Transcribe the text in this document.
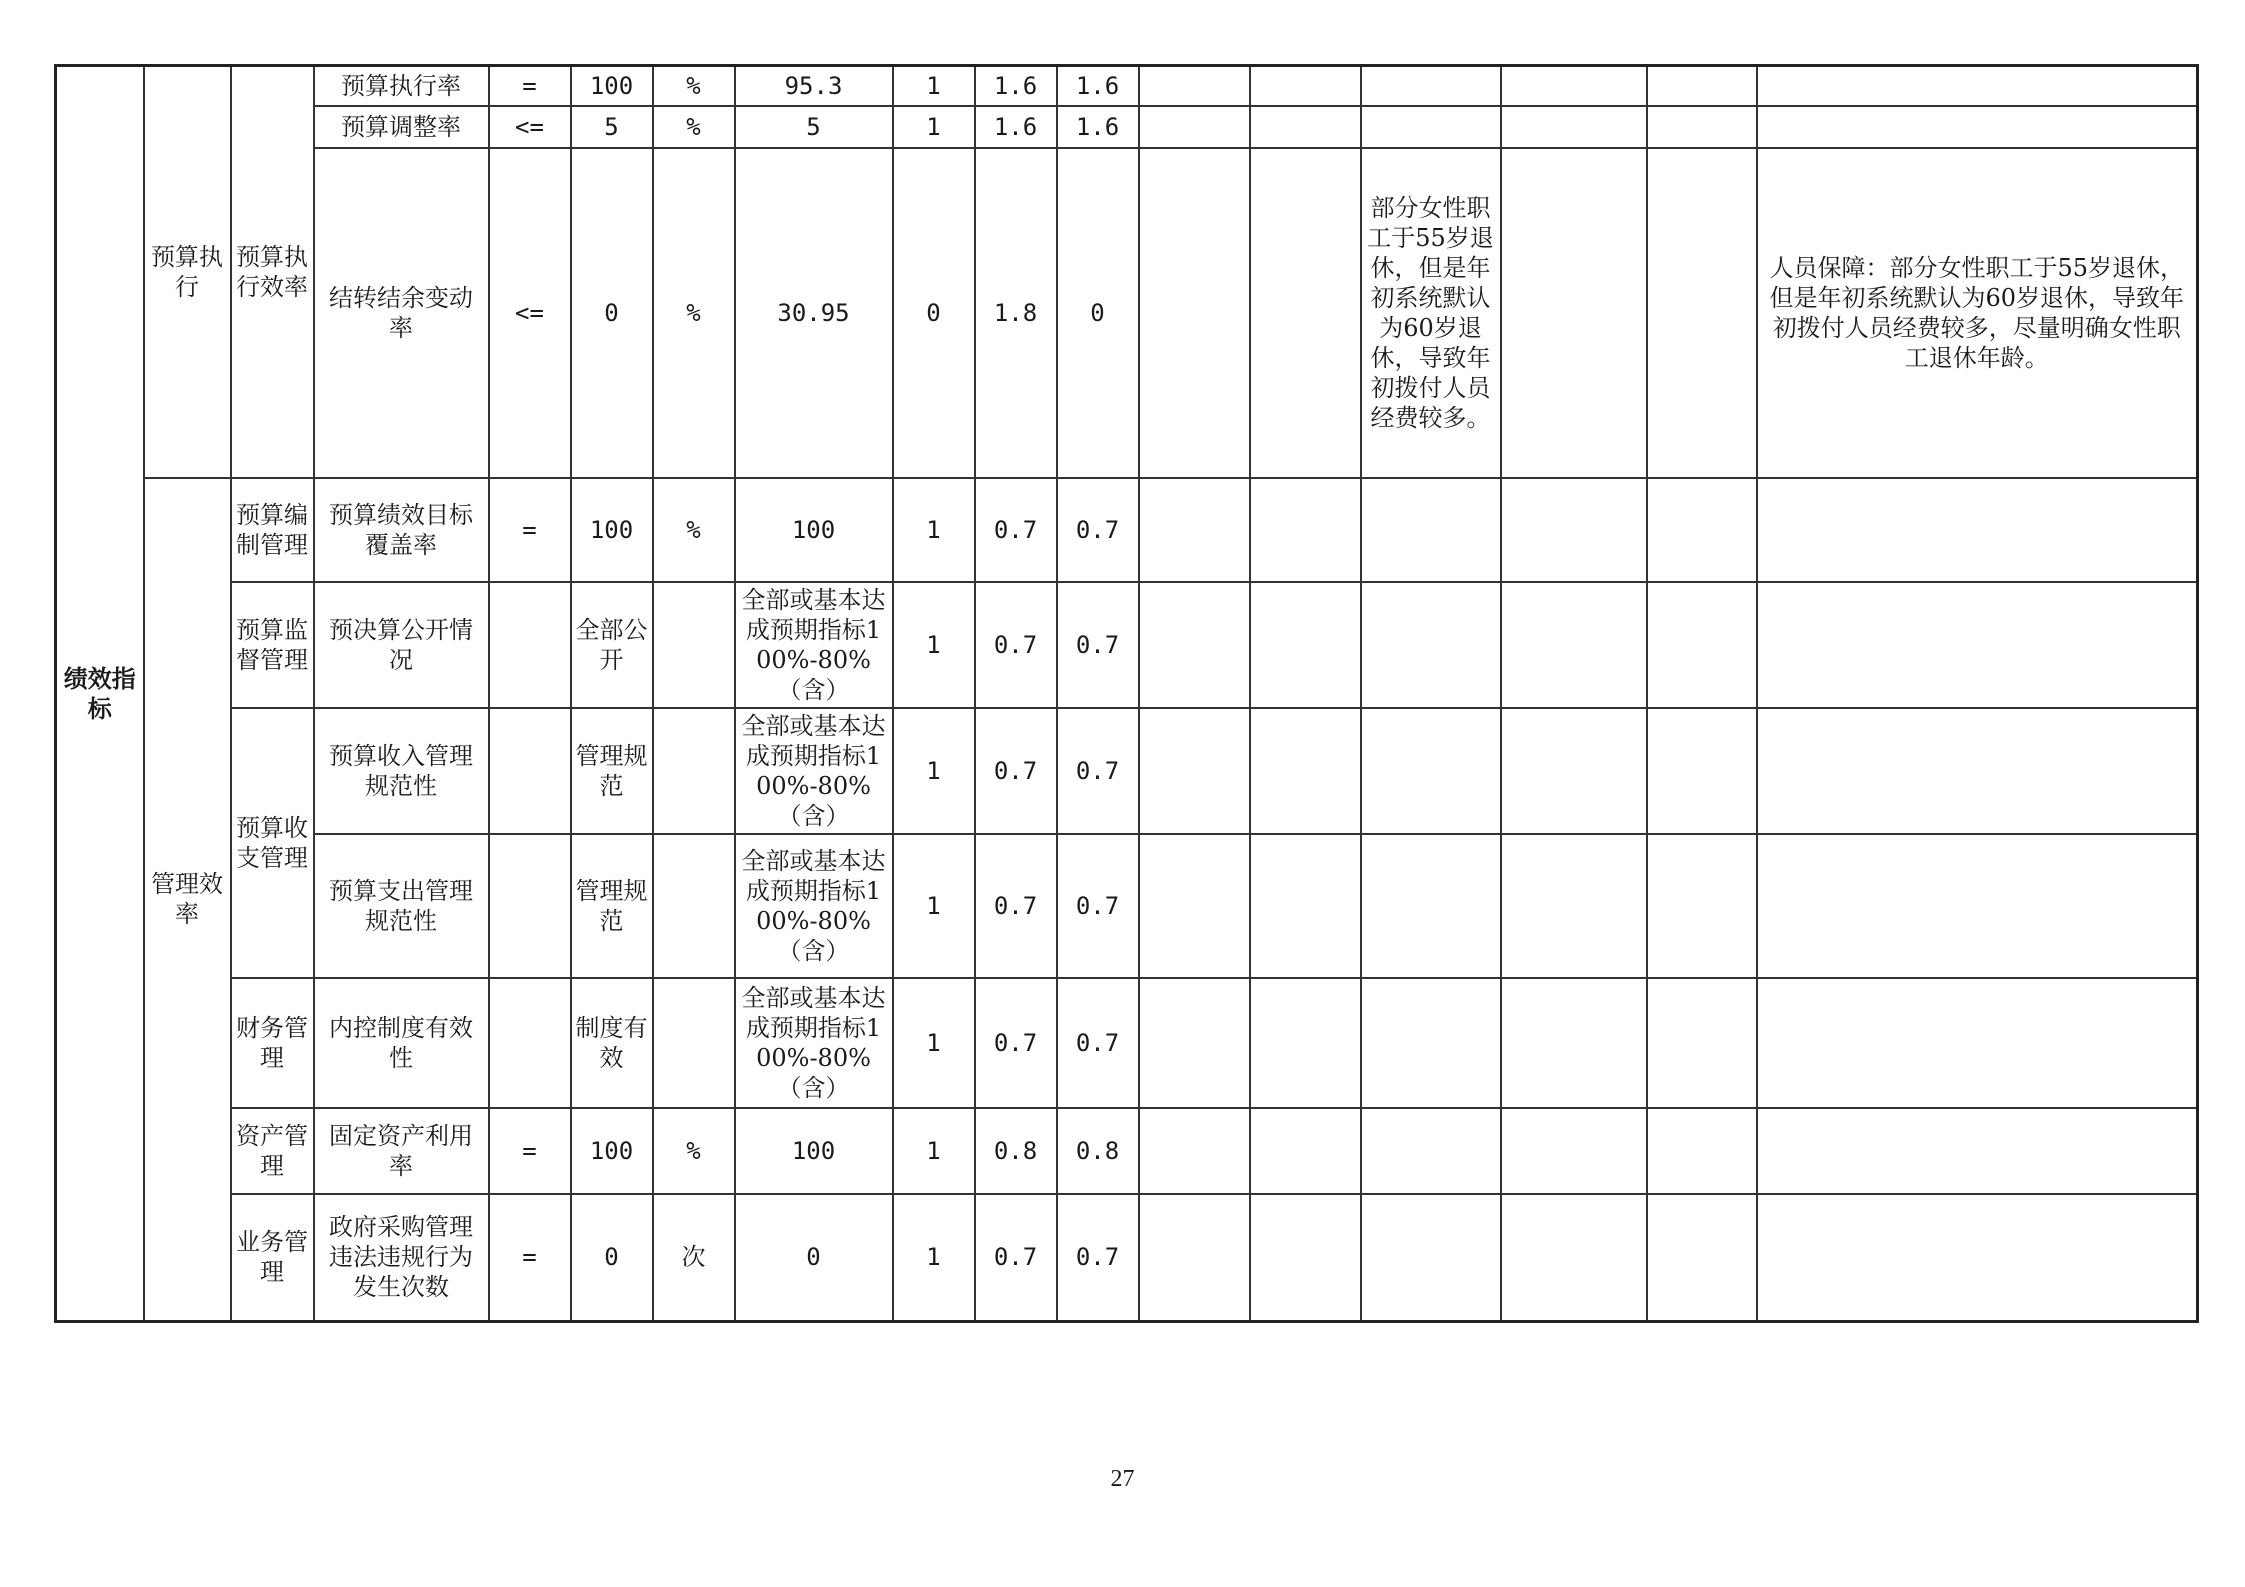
绩效指标	预算执行	预算执行效率	预算执行率	=	100	%	95.3	1	1.6	1.6						
			预算调整率	<=	5	%	5	1	1.6	1.6						
			结转结余变动率	<=	0	%	30.95	0	1.8	0			部分女性职工于55岁退休，但是年初系统默认为60岁退休，导致年初拨付人员经费较多。			人员保障：部分女性职工于55岁退休，但是年初系统默认为60岁退休，导致年初拨付人员经费较多，尽量明确女性职工退休年龄。
	管理效率	预算编制管理	预算绩效目标覆盖率	=	100	%	100	1	0.7	0.7						
		预算监督管理	预决算公开情况		全部公开		全部或基本达成预期指标100%-80%（含）	1	0.7	0.7						
		预算收支管理	预算收入管理规范性		管理规范		全部或基本达成预期指标100%-80%（含）	1	0.7	0.7						
			预算支出管理规范性		管理规范		全部或基本达成预期指标100%-80%（含）	1	0.7	0.7						
		财务管理	内控制度有效性		制度有效		全部或基本达成预期指标100%-80%（含）	1	0.7	0.7						
		资产管理	固定资产利用率	=	100	%	100	1	0.8	0.8						
		业务管理	政府采购管理违法违规行为发生次数	=	0	次	0	1	0.7	0.7						
27
